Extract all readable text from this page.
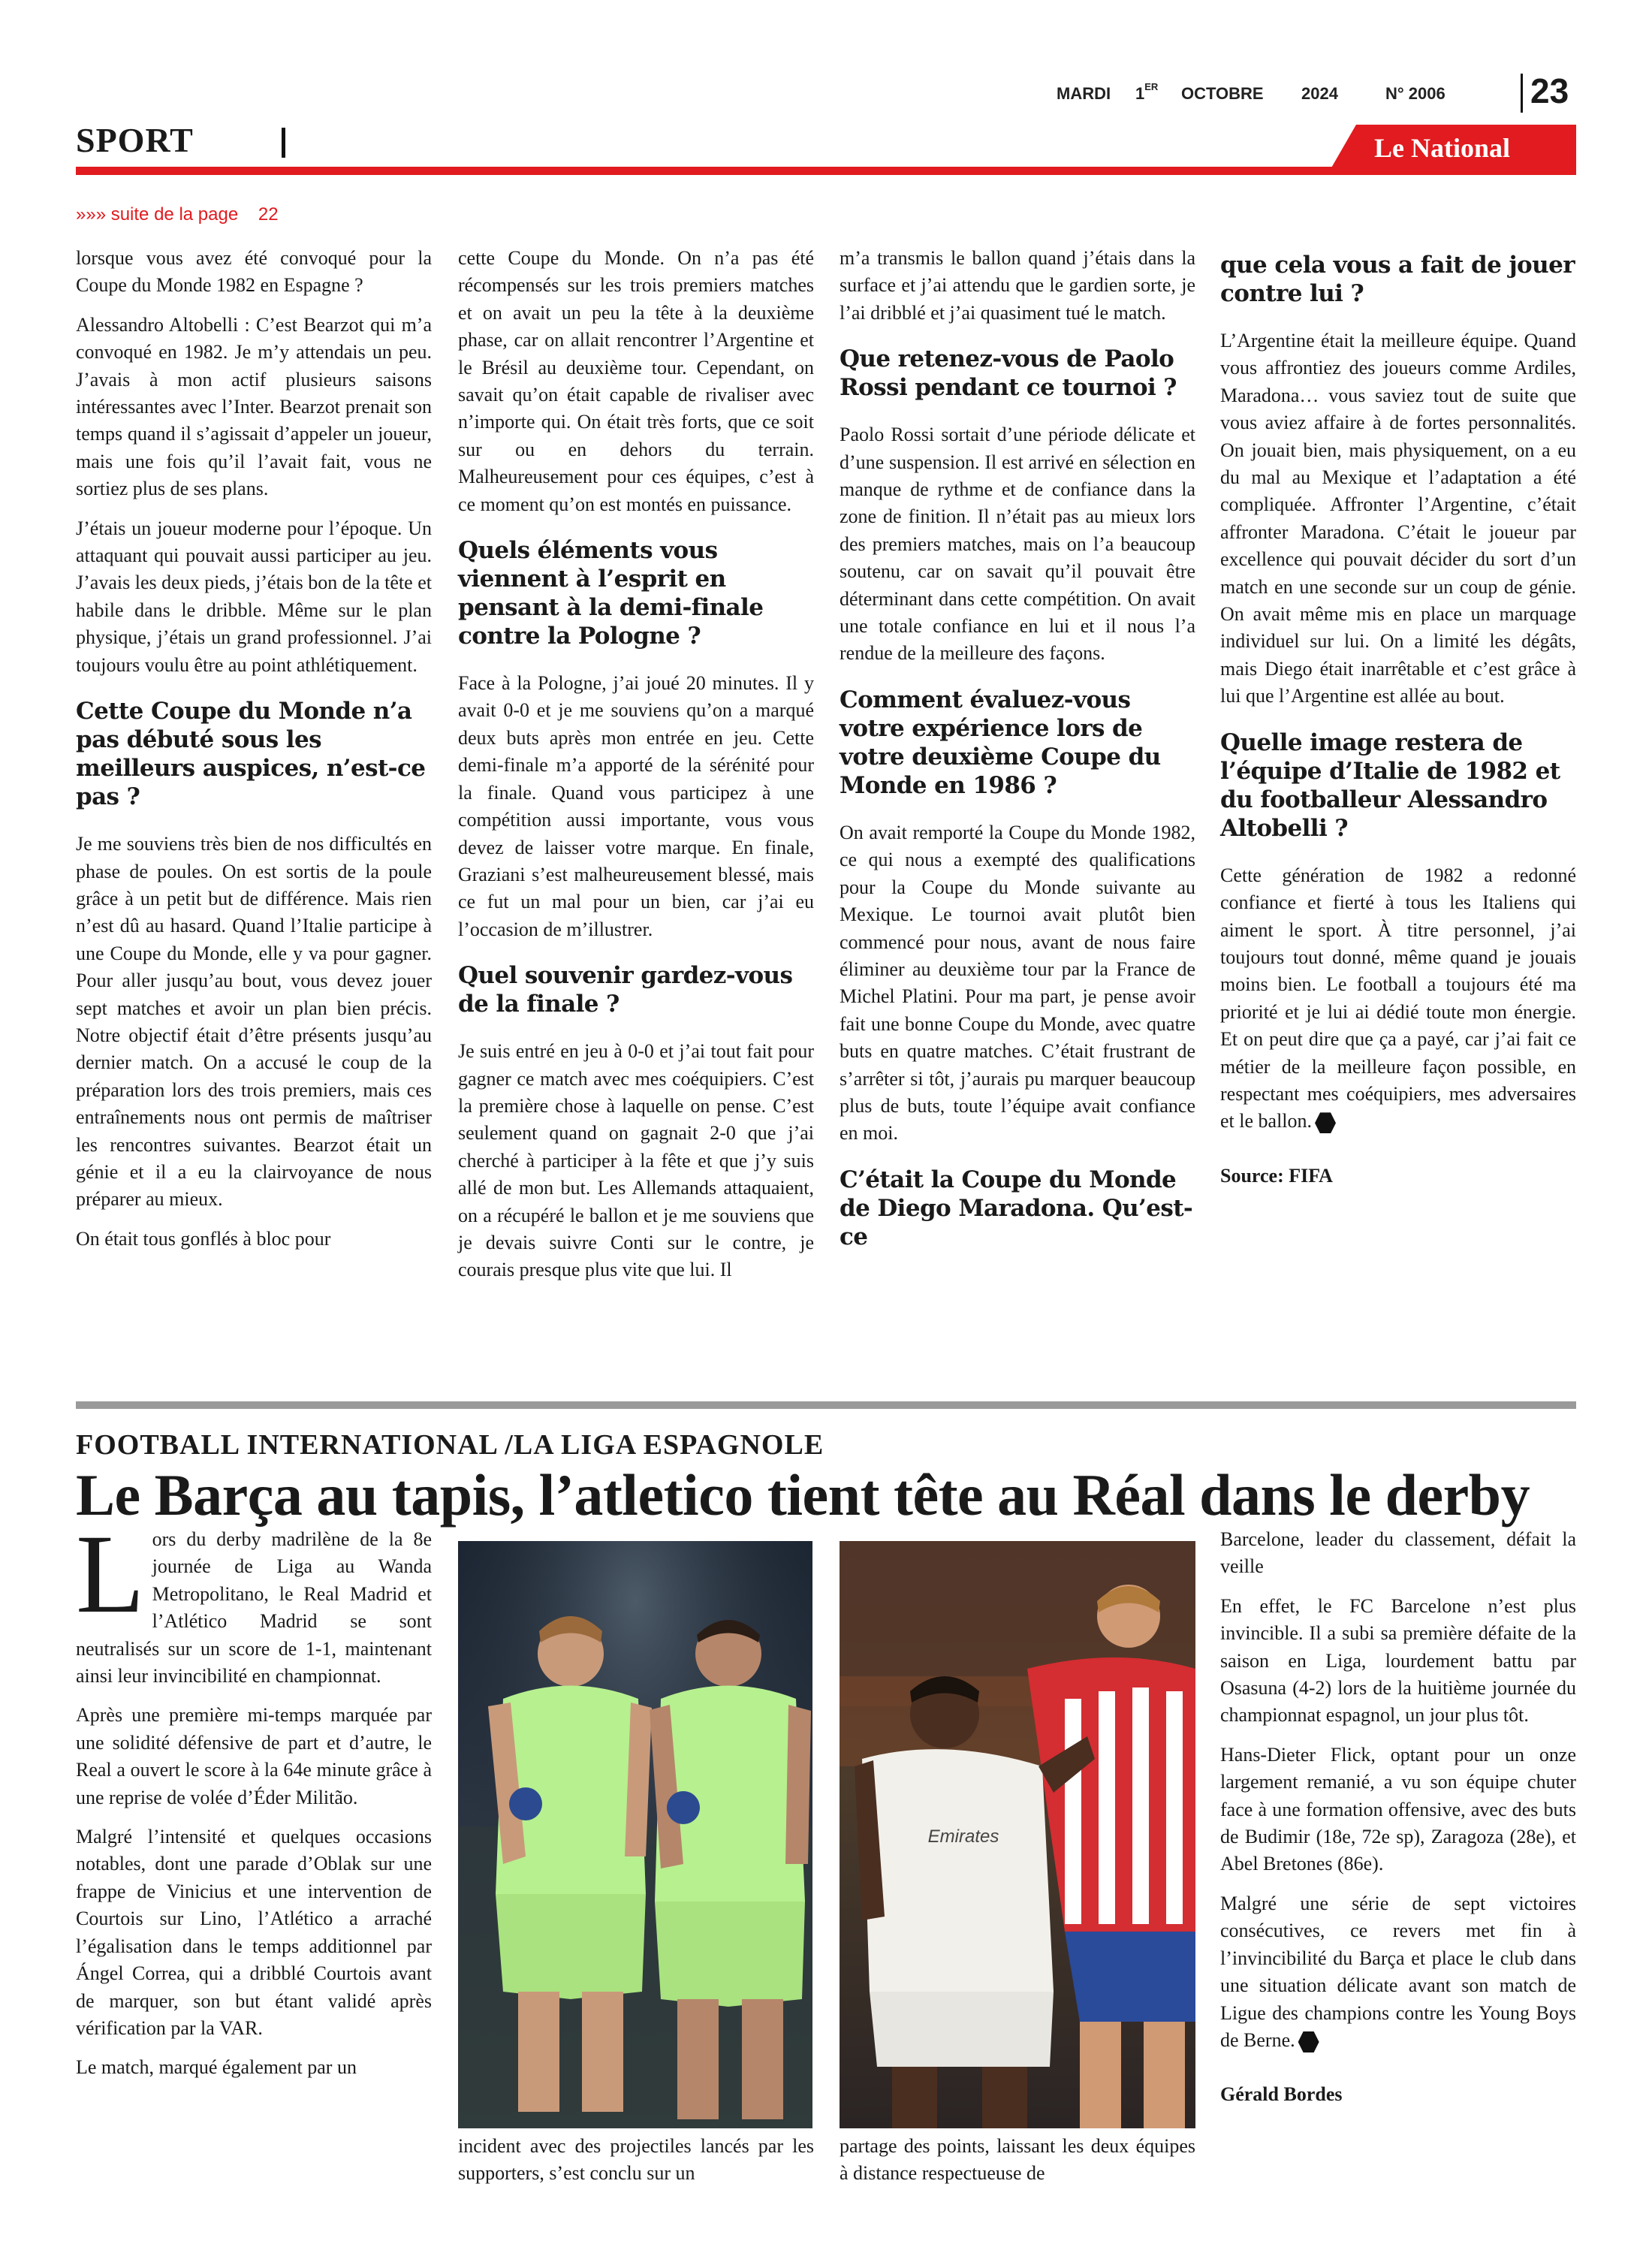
MARDI 1ER OCTOBRE 2024	N° 2006 23
SPORT	Le National
»»» suite de la page 22

lorsque vous avez été convoqué pour la Coupe du Monde 1982 en Espagne ?

Alessandro Altobelli : C’est Bearzot qui m’a convoqué en 1982. Je m’y attendais un peu. J’avais à mon actif plusieurs saisons intéressantes avec l’Inter. Bearzot prenait son temps quand il s’agissait d’appeler un joueur, mais une fois qu’il l’avait fait, vous ne sortiez plus de ses plans.

J’étais un joueur moderne pour l’époque. Un attaquant qui pouvait aussi participer au jeu. J’avais les deux pieds, j’étais bon de la tête et habile dans le dribble. Même sur le plan physique, j’étais un grand professionnel. J’ai toujours voulu être au point athlétiquement.

Cette Coupe du Monde n’a pas débuté sous les meilleurs auspices, n’est-ce pas ?

Je me souviens très bien de nos difficultés en phase de poules. On est sortis de la poule grâce à un petit but de différence. Mais rien n’est dû au hasard. Quand l’Italie participe à une Coupe du Monde, elle y va pour gagner. Pour aller jusqu’au bout, vous devez jouer sept matches et avoir un plan bien précis. Notre objectif était d’être présents jusqu’au dernier match. On a accusé le coup de la préparation lors des trois premiers, mais ces entraînements nous ont permis de maîtriser les rencontres suivantes. Bearzot était un génie et il a eu la clairvoyance de nous préparer au mieux.

On était tous gonflés à bloc pour

cette Coupe du Monde. On n’a pas été récompensés sur les trois premiers matches et on avait un peu la tête à la deuxième phase, car on allait rencontrer l’Argentine et le Brésil au deuxième tour. Cependant, on savait qu’on était capable de rivaliser avec n’importe qui. On était très forts, que ce soit sur ou en dehors du terrain. Malheureusement pour ces équipes, c’est à ce moment qu’on est montés en puissance.

Quels éléments vous viennent à l’esprit en pensant à la demi-finale contre la Pologne ?

Face à la Pologne, j’ai joué 20 minutes. Il y avait 0-0 et je me souviens qu’on a marqué deux buts après mon entrée en jeu. Cette demi-finale m’a apporté de la sérénité pour la finale. Quand vous participez à une compétition aussi importante, vous vous devez de laisser votre marque. En finale, Graziani s’est malheureusement blessé, mais ce fut un mal pour un bien, car j’ai eu l’occasion de m’illustrer.

Quel souvenir gardez-vous de la finale ?

Je suis entré en jeu à 0-0 et j’ai tout fait pour gagner ce match avec mes coéquipiers. C’est la première chose à laquelle on pense. C’est seulement quand on gagnait 2-0 que j’ai cherché à participer à la fête et que j’y suis allé de mon but. Les Allemands attaquaient, on a récupéré le ballon et je me souviens que je devais suivre Conti sur le contre, je courais presque plus vite que lui. Il

m’a transmis le ballon quand j’étais dans la surface et j’ai attendu que le gardien sorte, je l’ai dribblé et j’ai quasiment tué le match.

Que retenez-vous de Paolo Rossi pendant ce tournoi ?

Paolo Rossi sortait d’une période délicate et d’une suspension. Il est arrivé en sélection en manque de rythme et de confiance dans la zone de finition. Il n’était pas au mieux lors des premiers matches, mais on l’a beaucoup soutenu, car on savait qu’il pouvait être déterminant dans cette compétition. On avait une totale confiance en lui et il nous l’a rendue de la meilleure des façons.

Comment évaluez-vous votre expérience lors de votre deuxième Coupe du Monde en 1986 ?

On avait remporté la Coupe du Monde 1982, ce qui nous a exempté des qualifications pour la Coupe du Monde suivante au Mexique. Le tournoi avait plutôt bien commencé pour nous, avant de nous faire éliminer au deuxième tour par la France de Michel Platini. Pour ma part, je pense avoir fait une bonne Coupe du Monde, avec quatre buts en quatre matches. C’était frustrant de s’arrêter si tôt, j’aurais pu marquer beaucoup plus de buts, toute l’équipe avait confiance en moi.

C’était la Coupe du Monde de Diego Maradona. Qu’est-ce
que cela vous a fait de jouer contre lui ?

L’Argentine était la meilleure équipe. Quand vous affrontiez des joueurs comme Ardiles, Maradona… vous saviez tout de suite que vous aviez affaire à de fortes personnalités. On jouait bien, mais physiquement, on a eu du mal au Mexique et l’adaptation a été compliquée. Affronter l’Argentine, c’était affronter Maradona. C’était le joueur par excellence qui pouvait décider du sort d’un match en une seconde sur un coup de génie. On avait même mis en place un marquage individuel sur lui. On a limité les dégâts, mais Diego était inarrêtable et c’est grâce à lui que l’Argentine est allée au bout.

Quelle image restera de l’équipe d’Italie de 1982 et du footballeur Alessandro Altobelli ?

Cette génération de 1982 a redonné confiance et fierté à tous les Italiens qui aiment le sport. À titre personnel, j’ai toujours tout donné, même quand je jouais moins bien. Le football a toujours été ma priorité et je lui ai dédié toute mon énergie. Et on peut dire que ça a payé, car j’ai fait ce métier de la meilleure façon possible, en respectant mes coéquipiers, mes adversaires et le ballon.

Source: FIFA

FOOTBALL INTERNATIONAL /LA LIGA ESPAGNOLE
Le Barça au tapis, l’atletico tient tête au Réal dans le derby

Lors du derby madrilène de la 8e journée de Liga au Wanda Metropolitano, le Real Madrid et l’Atlético Madrid se sont neutralisés sur un score de 1-1, maintenant ainsi leur invincibilité en championnat.

Après une première mi-temps marquée par une solidité défensive de part et d’autre, le Real a ouvert le score à la 64e minute grâce à une reprise de volée d’Éder Militão.

Malgré l’intensité et quelques occasions notables, dont une parade d’Oblak sur une frappe de Vinicius et une intervention de Courtois sur Lino, l’Atlético a arraché l’égalisation dans le temps additionnel par Ángel Correa, qui a dribblé Courtois avant de marquer, son but étant validé après vérification par la VAR.

Le match, marqué également par un

Emirates

incident avec des projectiles lancés par les supporters, s’est conclu sur un

partage des points, laissant les deux équipes à distance respectueuse de

Barcelone, leader du classement, défait la veille

En effet, le FC Barcelone n’est plus invincible. Il a subi sa première défaite de la saison en Liga, lourdement battu par Osasuna (4-2) lors de la huitième journée du championnat espagnol, un jour plus tôt.

Hans-Dieter Flick, optant pour un onze largement remanié, a vu son équipe chuter face à une formation offensive, avec des buts de Budimir (18e, 72e sp), Zaragoza (28e), et Abel Bretones (86e).

Malgré une série de sept victoires consécutives, ce revers met fin à l’invincibilité du Barça et place le club dans une situation délicate avant son match de Ligue des champions contre les Young Boys de Berne.

Gérald Bordes
